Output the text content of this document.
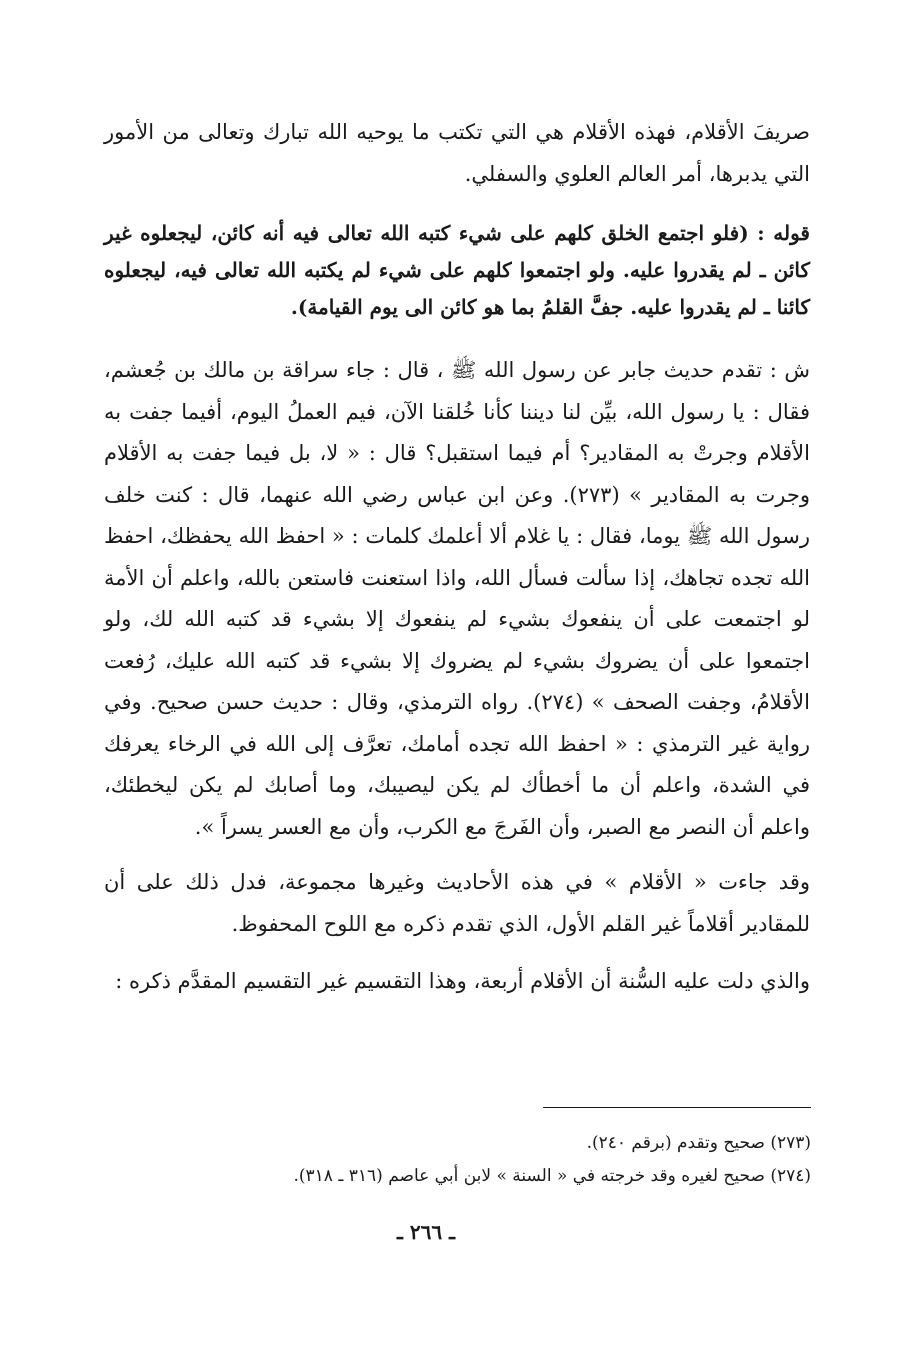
صريفَ الأقلام، فهذه الأقلام هي التي تكتب ما يوحيه الله تبارك وتعالى من الأمور التي يدبرها، أمر العالم العلوي والسفلي.

قوله : (فلو اجتمع الخلق كلهم على شيء كتبه الله تعالى فيه أنه كائن، ليجعلوه غير كائن ـ لم يقدروا عليه. ولو اجتمعوا كلهم على شيء لم يكتبه الله تعالى فيه، ليجعلوه كائنا ـ لم يقدروا عليه. جفَّ القلمُ بما هو كائن الى يوم القيامة).

ش : تقدم حديث جابر عن رسول الله ﷺ ، قال : جاء سراقة بن مالك بن جُعشم، فقال : يا رسول الله، بيِّن لنا ديننا كأنا خُلقنا الآن، فيم العملُ اليوم، أفيما جفت به الأقلام وجرتْ به المقادير؟ أم فيما استقبل؟ قال : « لا، بل فيما جفت به الأقلام وجرت به المقادير » (٢٧٣). وعن ابن عباس رضي الله عنهما، قال : كنت خلف رسول الله ﷺ يوما، فقال : يا غلام ألا أعلمك كلمات : « احفظ الله يحفظك، احفظ الله تجده تجاهك، إذا سألت فسأل الله، واذا استعنت فاستعن بالله، واعلم أن الأمة لو اجتمعت على أن ينفعوك بشيء لم ينفعوك إلا بشيء قد كتبه الله لك، ولو اجتمعوا على أن يضروك بشيء لم يضروك إلا بشيء قد كتبه الله عليك، رُفعت الأقلامُ، وجفت الصحف » (٢٧٤). رواه الترمذي، وقال : حديث حسن صحيح. وفي رواية غير الترمذي : « احفظ الله تجده أمامك، تعرَّف إلى الله في الرخاء يعرفك في الشدة، واعلم أن ما أخطأك لم يكن ليصيبك، وما أصابك لم يكن ليخطئك، واعلم أن النصر مع الصبر، وأن الفَرجَ مع الكرب، وأن مع العسر يسراً ».

وقد جاءت « الأقلام » في هذه الأحاديث وغيرها مجموعة، فدل ذلك على أن للمقادير أقلاماً غير القلم الأول، الذي تقدم ذكره مع اللوح المحفوظ.

والذي دلت عليه السُّنة أن الأقلام أربعة، وهذا التقسيم غير التقسيم المقدَّم ذكره :

(٢٧٣) صحيح وتقدم (برقم ٢٤٠).

(٢٧٤) صحيح لغيره وقد خرجته في « السنة » لابن أبي عاصم (٣١٦ ـ ٣١٨).

ـ ٢٦٦ ـ
